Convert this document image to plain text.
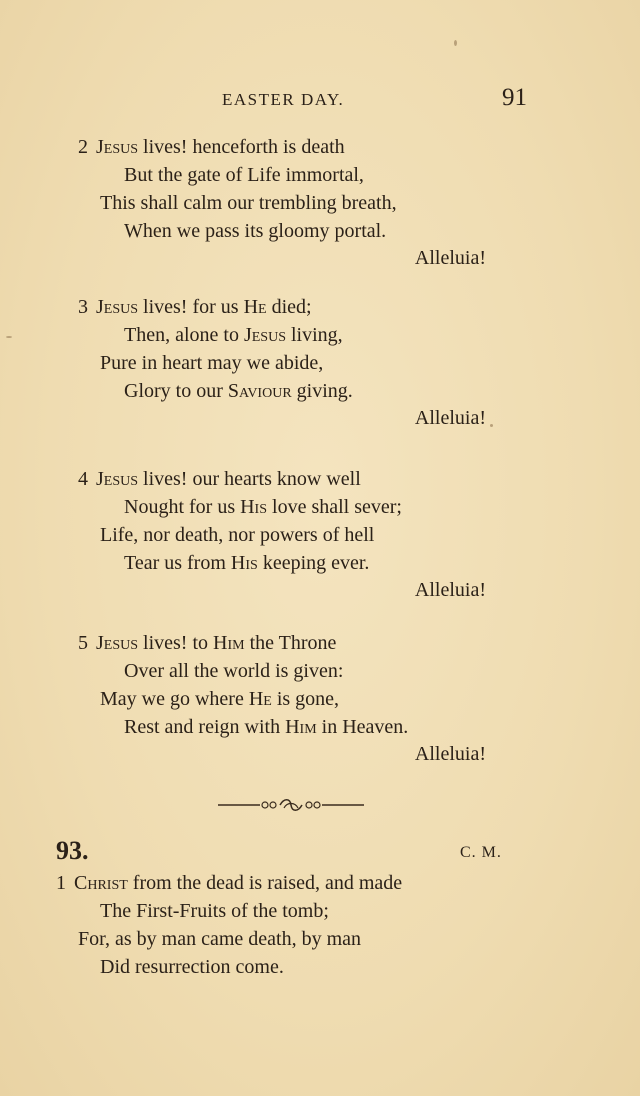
EASTER DAY.	91
2 Jesus lives! henceforth is death
But the gate of Life immortal,
This shall calm our trembling breath,
When we pass its gloomy portal.
Alleluia!
3 Jesus lives! for us He died;
Then, alone to Jesus living,
Pure in heart may we abide,
Glory to our Saviour giving.
Alleluia!
4 Jesus lives! our hearts know well
Nought for us His love shall sever;
Life, nor death, nor powers of hell
Tear us from His keeping ever.
Alleluia!
5 Jesus lives! to Him the Throne
Over all the world is given:
May we go where He is gone,
Rest and reign with Him in Heaven.
Alleluia!
93.	C. M.
1 Christ from the dead is raised, and made
The First-Fruits of the tomb;
For, as by man came death, by man
Did resurrection come.
